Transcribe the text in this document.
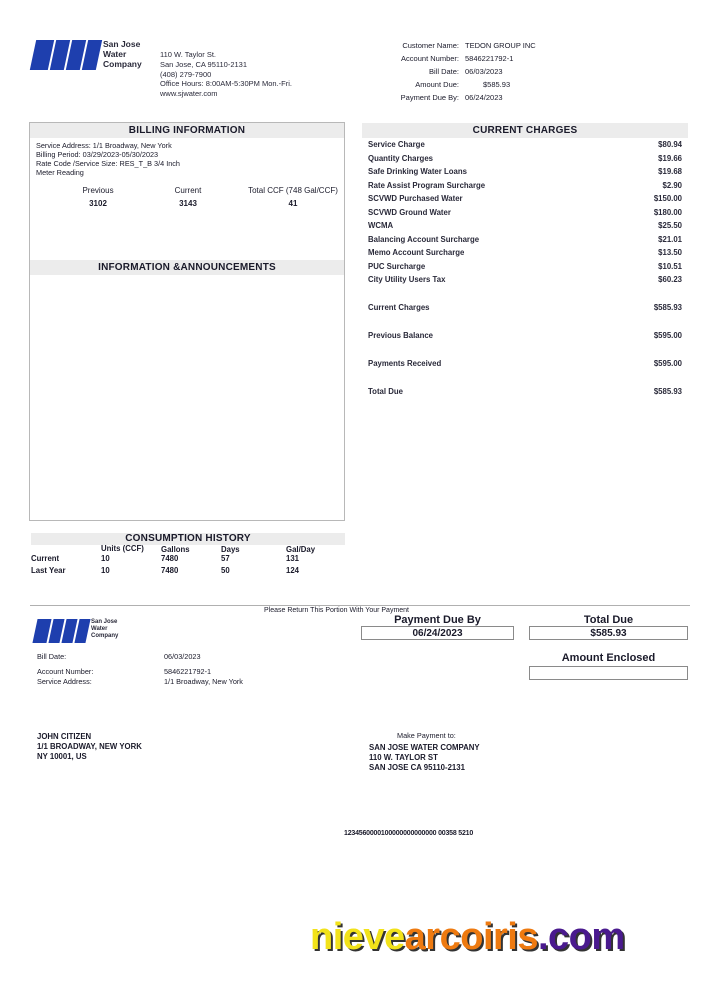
San Jose
Water
Company
110 W. Taylor St.
San Jose, CA 95110-2131
(408) 279-7900
Office Hours: 8:00AM-5:30PM Mon.-Fri.
www.sjwater.com
Customer Name: TEDON GROUP INC
Account Number: 5846221792-1
Bill Date: 06/03/2023
Amount Due:	$585.93
Payment Due By: 06/24/2023
BILLING INFORMATION
Service Address: 1/1 Broadway, New York
Billing Period: 03/29/2023-05/30/2023
Rate Code /Service Size: RES_T_B 3/4 Inch
Meter Reading
Previous	Current	Total CCF (748 Gal/CCF)
3102	3143	41
INFORMATION &ANNOUNCEMENTS
CURRENT CHARGES
Service Charge	$80.94
Quantity Charges	$19.66
Safe Drinking Water Loans	$19.68
Rate Assist Program Surcharge	$2.90
SCVWD Purchased Water	$150.00
SCVWD Ground Water	$180.00
WCMA	$25.50
Balancing Account Surcharge	$21.01
Memo Account Surcharge	$13.50
PUC Surcharge	$10.51
City Utility Users Tax	$60.23
Current Charges	$585.93
Previous Balance	$595.00
Payments Received	$595.00
Total Due	$585.93
CONSUMPTION HISTORY
	Units (CCF)	Gallons	Days	Gal/Day
Current	10	7480	57	131
Last Year	10	7480	50	124
Please Return This Portion With Your Payment
San Jose
Water
Company
Bill Date:	06/03/2023
Account Number:	5846221792-1
Service Address:	1/1 Broadway, New York
Payment Due By
06/24/2023
Total Due
$585.93
Amount Enclosed
JOHN CITIZEN
1/1 BROADWAY, NEW YORK
NY 10001, US
Make Payment to:
SAN JOSE WATER COMPANY
110 W. TAYLOR ST
SAN JOSE CA 95110-2131
1234560000100000000000000 00358 5210
nievearcoiris.com
